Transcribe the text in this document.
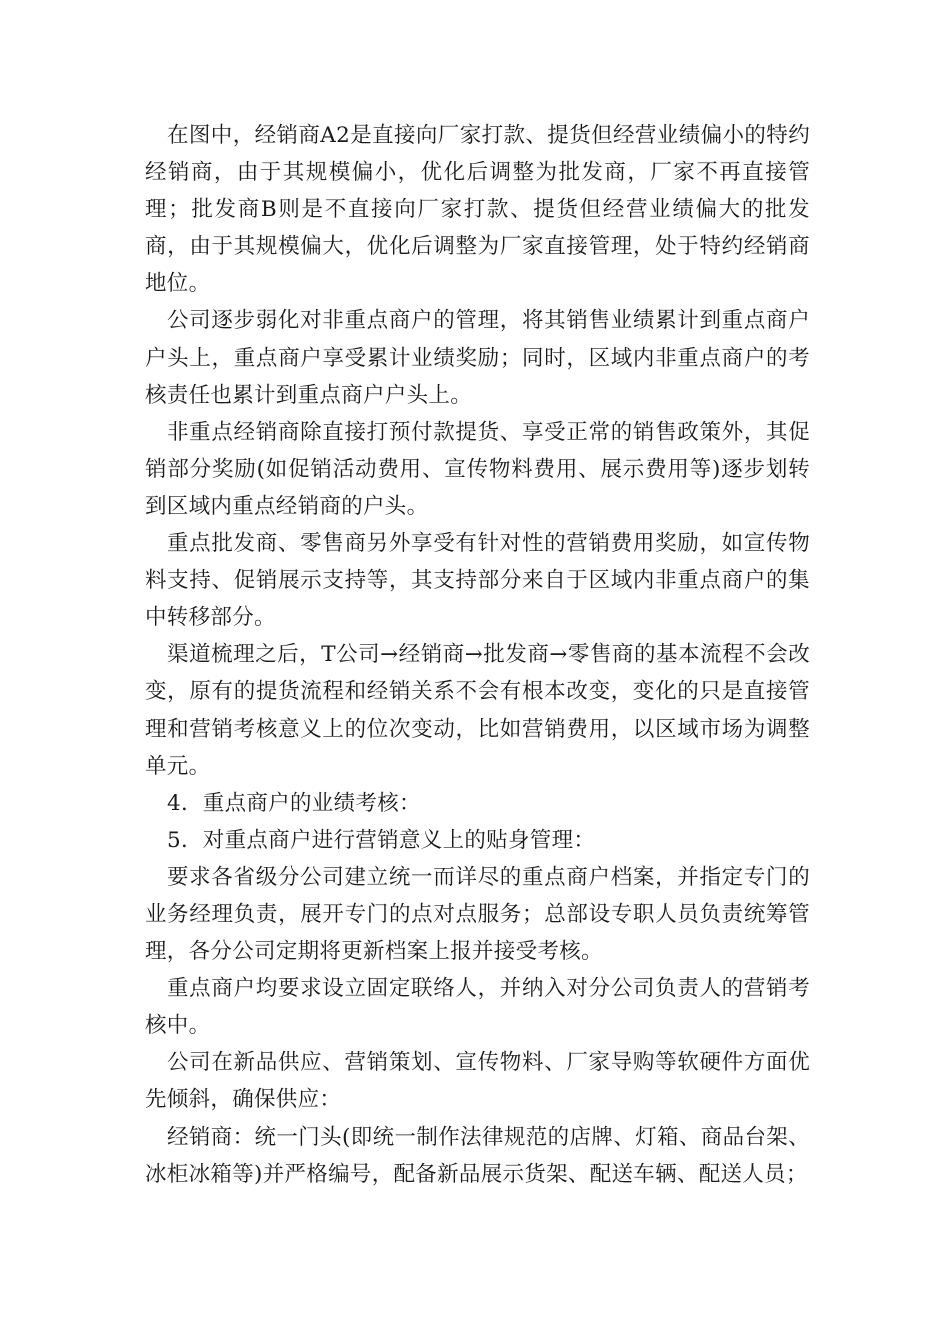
在图中，经销商A2是直接向厂家打款、提货但经营业绩偏小的特约经销商，由于其规模偏小，优化后调整为批发商，厂家不再直接管理；批发商B则是不直接向厂家打款、提货但经营业绩偏大的批发商，由于其规模偏大，优化后调整为厂家直接管理，处于特约经销商地位。

公司逐步弱化对非重点商户的管理，将其销售业绩累计到重点商户户头上，重点商户享受累计业绩奖励；同时，区域内非重点商户的考核责任也累计到重点商户户头上。

非重点经销商除直接打预付款提货、享受正常的销售政策外，其促销部分奖励(如促销活动费用、宣传物料费用、展示费用等)逐步划转到区域内重点经销商的户头。

重点批发商、零售商另外享受有针对性的营销费用奖励，如宣传物料支持、促销展示支持等，其支持部分来自于区域内非重点商户的集中转移部分。

渠道梳理之后，T公司→经销商→批发商→零售商的基本流程不会改变，原有的提货流程和经销关系不会有根本改变，变化的只是直接管理和营销考核意义上的位次变动，比如营销费用，以区域市场为调整单元。

4．重点商户的业绩考核：

5．对重点商户进行营销意义上的贴身管理：

要求各省级分公司建立统一而详尽的重点商户档案，并指定专门的业务经理负责，展开专门的点对点服务；总部设专职人员负责统筹管理，各分公司定期将更新档案上报并接受考核。

重点商户均要求设立固定联络人，并纳入对分公司负责人的营销考核中。

公司在新品供应、营销策划、宣传物料、厂家导购等软硬件方面优先倾斜，确保供应：

经销商：统一门头(即统一制作法律规范的店牌、灯箱、商品台架、冰柜冰箱等)并严格编号，配备新品展示货架、配送车辆、配送人员；
